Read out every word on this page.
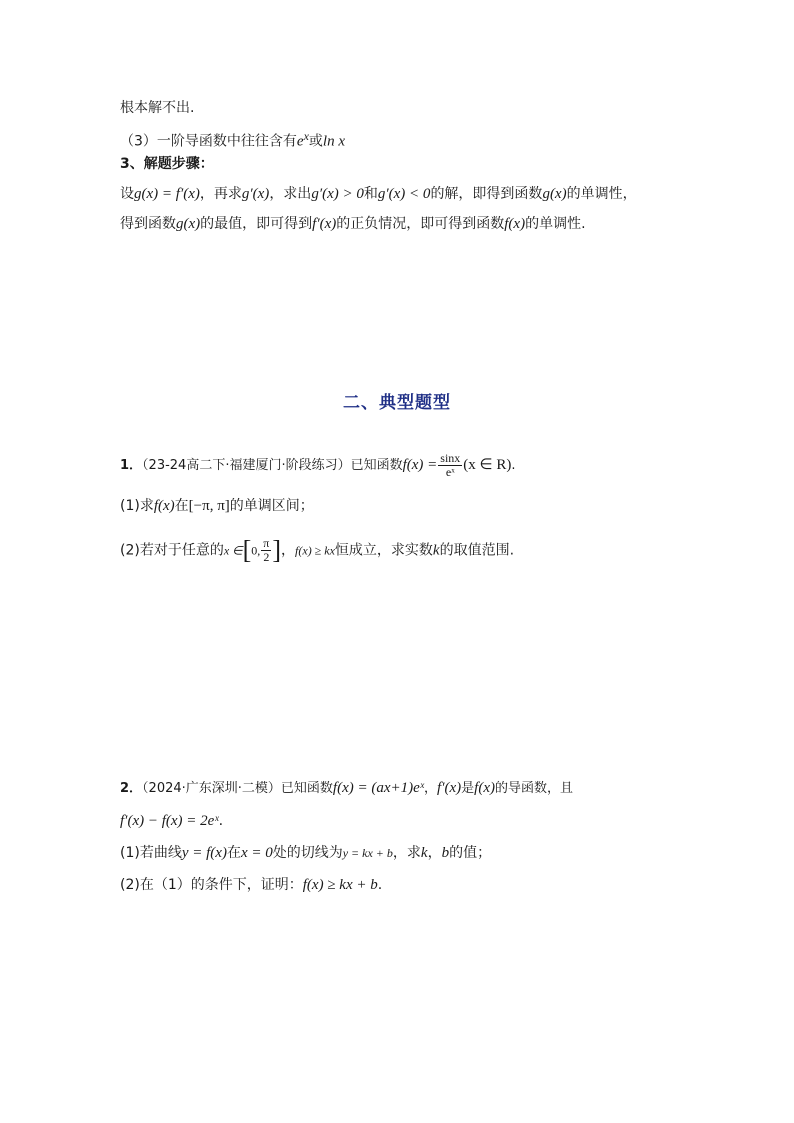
根本解不出.
（3）一阶导函数中往往含有$e^x$或ln x
3、解题步骤：
设g(x) = f′(x)，再求g′(x)，求出g′(x) > 0和g′(x) < 0的解，即得到函数g(x)的单调性，
得到函数g(x)的最值，即可得到f′(x)的正负情况，即可得到函数f(x)的单调性.
二、典型题型
1．（23-24高二下·福建厦门·阶段练习）已知函数$f(x) = \frac{\sin x}{\text{eˣ}} (x$ ∈ R).
(1)求f(x)在[−π, π]的单调区间；
(2)若对于任意的x ∈[0, $\frac{\pi}{2}$ ]，f(x) ≥ kx恒成立，求实数k的取值范围.
2．（2024·广东深圳·二模）已知函数f(x) = (ax+1)eˣ，f′(x)是f(x)的导函数，且
f′(x) − f(x) = 2eˣ.
(1)若曲线y = f(x)在x = 0处的切线为y = kx + b，求k，b的值；
(2)在（1）的条件下，证明：f(x) ≥ kx + b.
